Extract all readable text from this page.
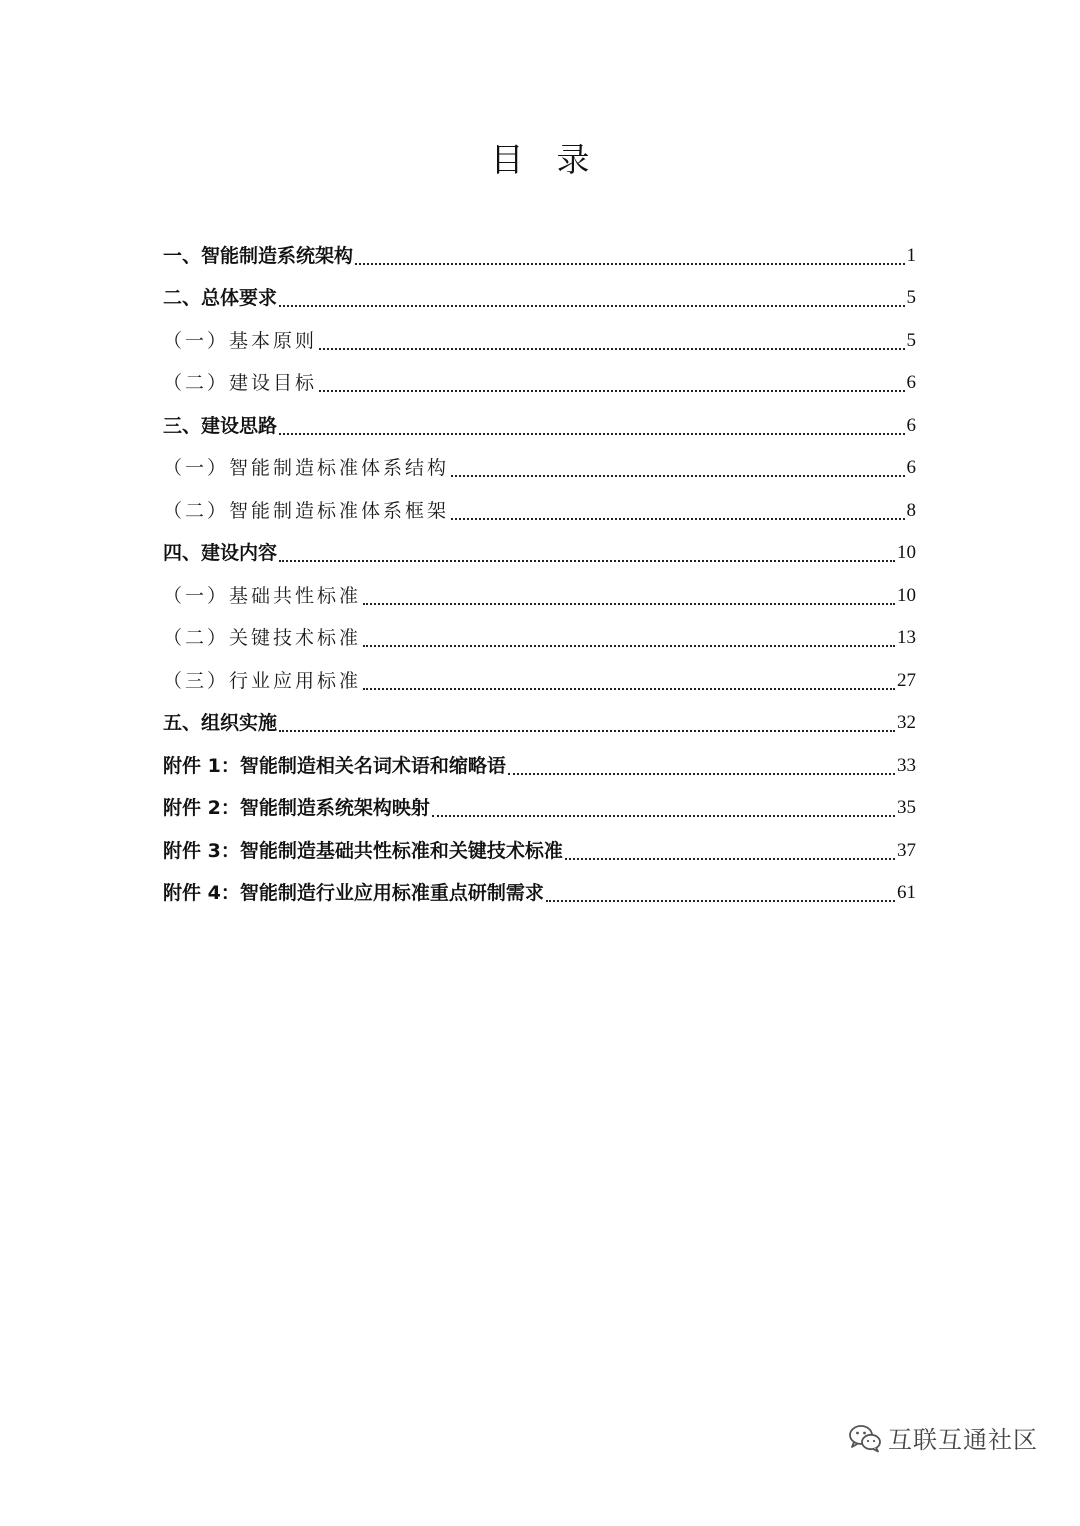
目　录
一、智能制造系统架构	1
二、总体要求	5
（一）基本原则	5
（二）建设目标	6
三、建设思路	6
（一）智能制造标准体系结构	6
（二）智能制造标准体系框架	8
四、建设内容	10
（一）基础共性标准	10
（二）关键技术标准	13
（三）行业应用标准	27
五、组织实施	32
附件 1：智能制造相关名词术语和缩略语	33
附件 2：智能制造系统架构映射	35
附件 3：智能制造基础共性标准和关键技术标准	37
附件 4：智能制造行业应用标准重点研制需求	61
互联互通社区
